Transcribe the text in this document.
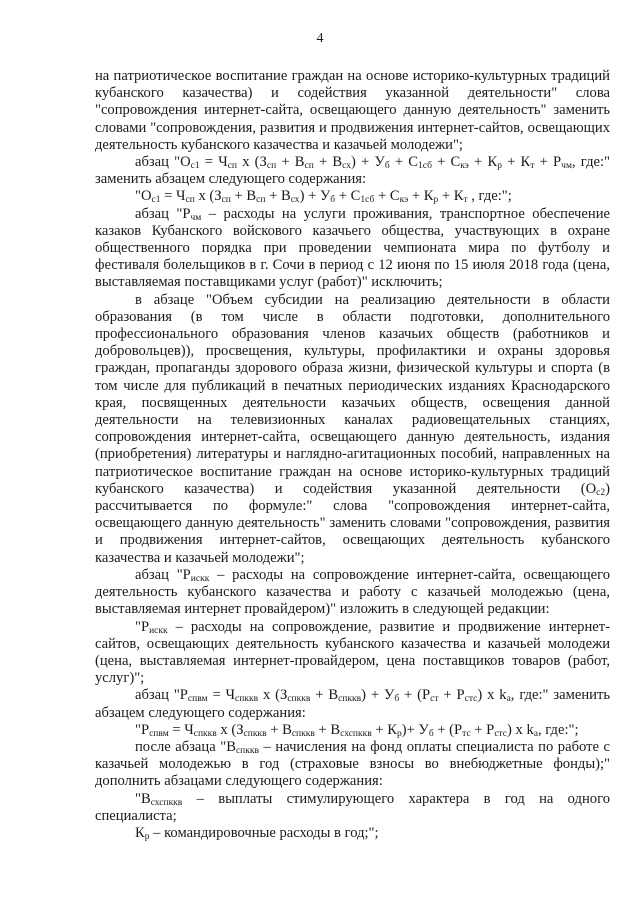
4

на патриотическое воспитание граждан на основе историко-культурных традиций кубанского казачества) и содействия указанной деятельности" слова "сопровождения интернет-сайта, освещающего данную деятельность" заменить словами "сопровождения, развития и продвижения интернет-сайтов, освещающих деятельность кубанского казачества и казачьей молодежи";

абзац "$О_{с1} = Ч_{сп}$ х $(З_{сп} + В_{сп} + В_{сх}) + У_б + С_{1сб} + С_{кэ} + К_р + К_т + Р_{чм}$, где:" заменить абзацем следующего содержания:

"$О_{с1} = Ч_{сп}$ х $(З_{сп} + В_{сп} + В_{сх}) + У_б + С_{1сб} + С_{кэ} + К_р + К_т$ , где:";

абзац "$Р_{чм}$ – расходы на услуги проживания, транспортное обеспечение казаков Кубанского войскового казачьего общества, участвующих в охране общественного порядка при проведении чемпионата мира по футболу и фестиваля болельщиков в г. Сочи в период с 12 июня по 15 июля 2018 года (цена, выставляемая поставщиками услуг (работ)" исключить;

в абзаце "Объем субсидии на реализацию деятельности в области образования (в том числе в области подготовки, дополнительного профессионального образования членов казачьих обществ (работников и добровольцев)), просвещения, культуры, профилактики и охраны здоровья граждан, пропаганды здорового образа жизни, физической культуры и спорта (в том числе для публикаций в печатных периодических изданиях Краснодарского края, посвященных деятельности казачьих обществ, освещения данной деятельности на телевизионных каналах радиовещательных станциях, сопровождения интернет-сайта, освещающего данную деятельность, издания (приобретения) литературы и наглядно-агитационных пособий, направленных на патриотическое воспитание граждан на основе историко-культурных традиций кубанского казачества) и содействия указанной деятельности $(О_{с2})$ рассчитывается по формуле:" слова "сопровождения интернет-сайта, освещающего данную деятельность" заменить словами "сопровождения, развития и продвижения интернет-сайтов, освещающих деятельность кубанского казачества и казачьей молодежи";

абзац "$Р_{искк}$ – расходы на сопровождение интернет-сайта, освещающего деятельность кубанского казачества и работу с казачьей молодежью (цена, выставляемая интернет провайдером)" изложить в следующей редакции:

"$Р_{искк}$ – расходы на сопровождение, развитие и продвижение интернет-сайтов, освещающих деятельность кубанского казачества и казачьей молодежи (цена, выставляемая интернет-провайдером, цена поставщиков товаров (работ, услуг)";

абзац "$Р_{спвм} = Ч_{спккв}$ х $(З_{спккв} + В_{спккв}) + У_б + (Р_{ст} + Р_{стс})$ х $k_а$, где:" заменить абзацем следующего содержания:

"$Р_{спвм} = Ч_{спккв}$ х $(З_{спккв} + В_{спккв} + В_{схспккв} + К_р)+ У_б + (Р_{тс} + Р_{стс})$ х $k_а$, где:";

после абзаца "$В_{спккв}$ – начисления на фонд оплаты специалиста по работе с казачьей молодежью в год (страховые взносы во внебюджетные фонды);" дополнить абзацами следующего содержания:

"$В_{схспккв}$ – выплаты стимулирующего характера в год на одного специалиста;

$К_р$ – командировочные расходы в год;";
